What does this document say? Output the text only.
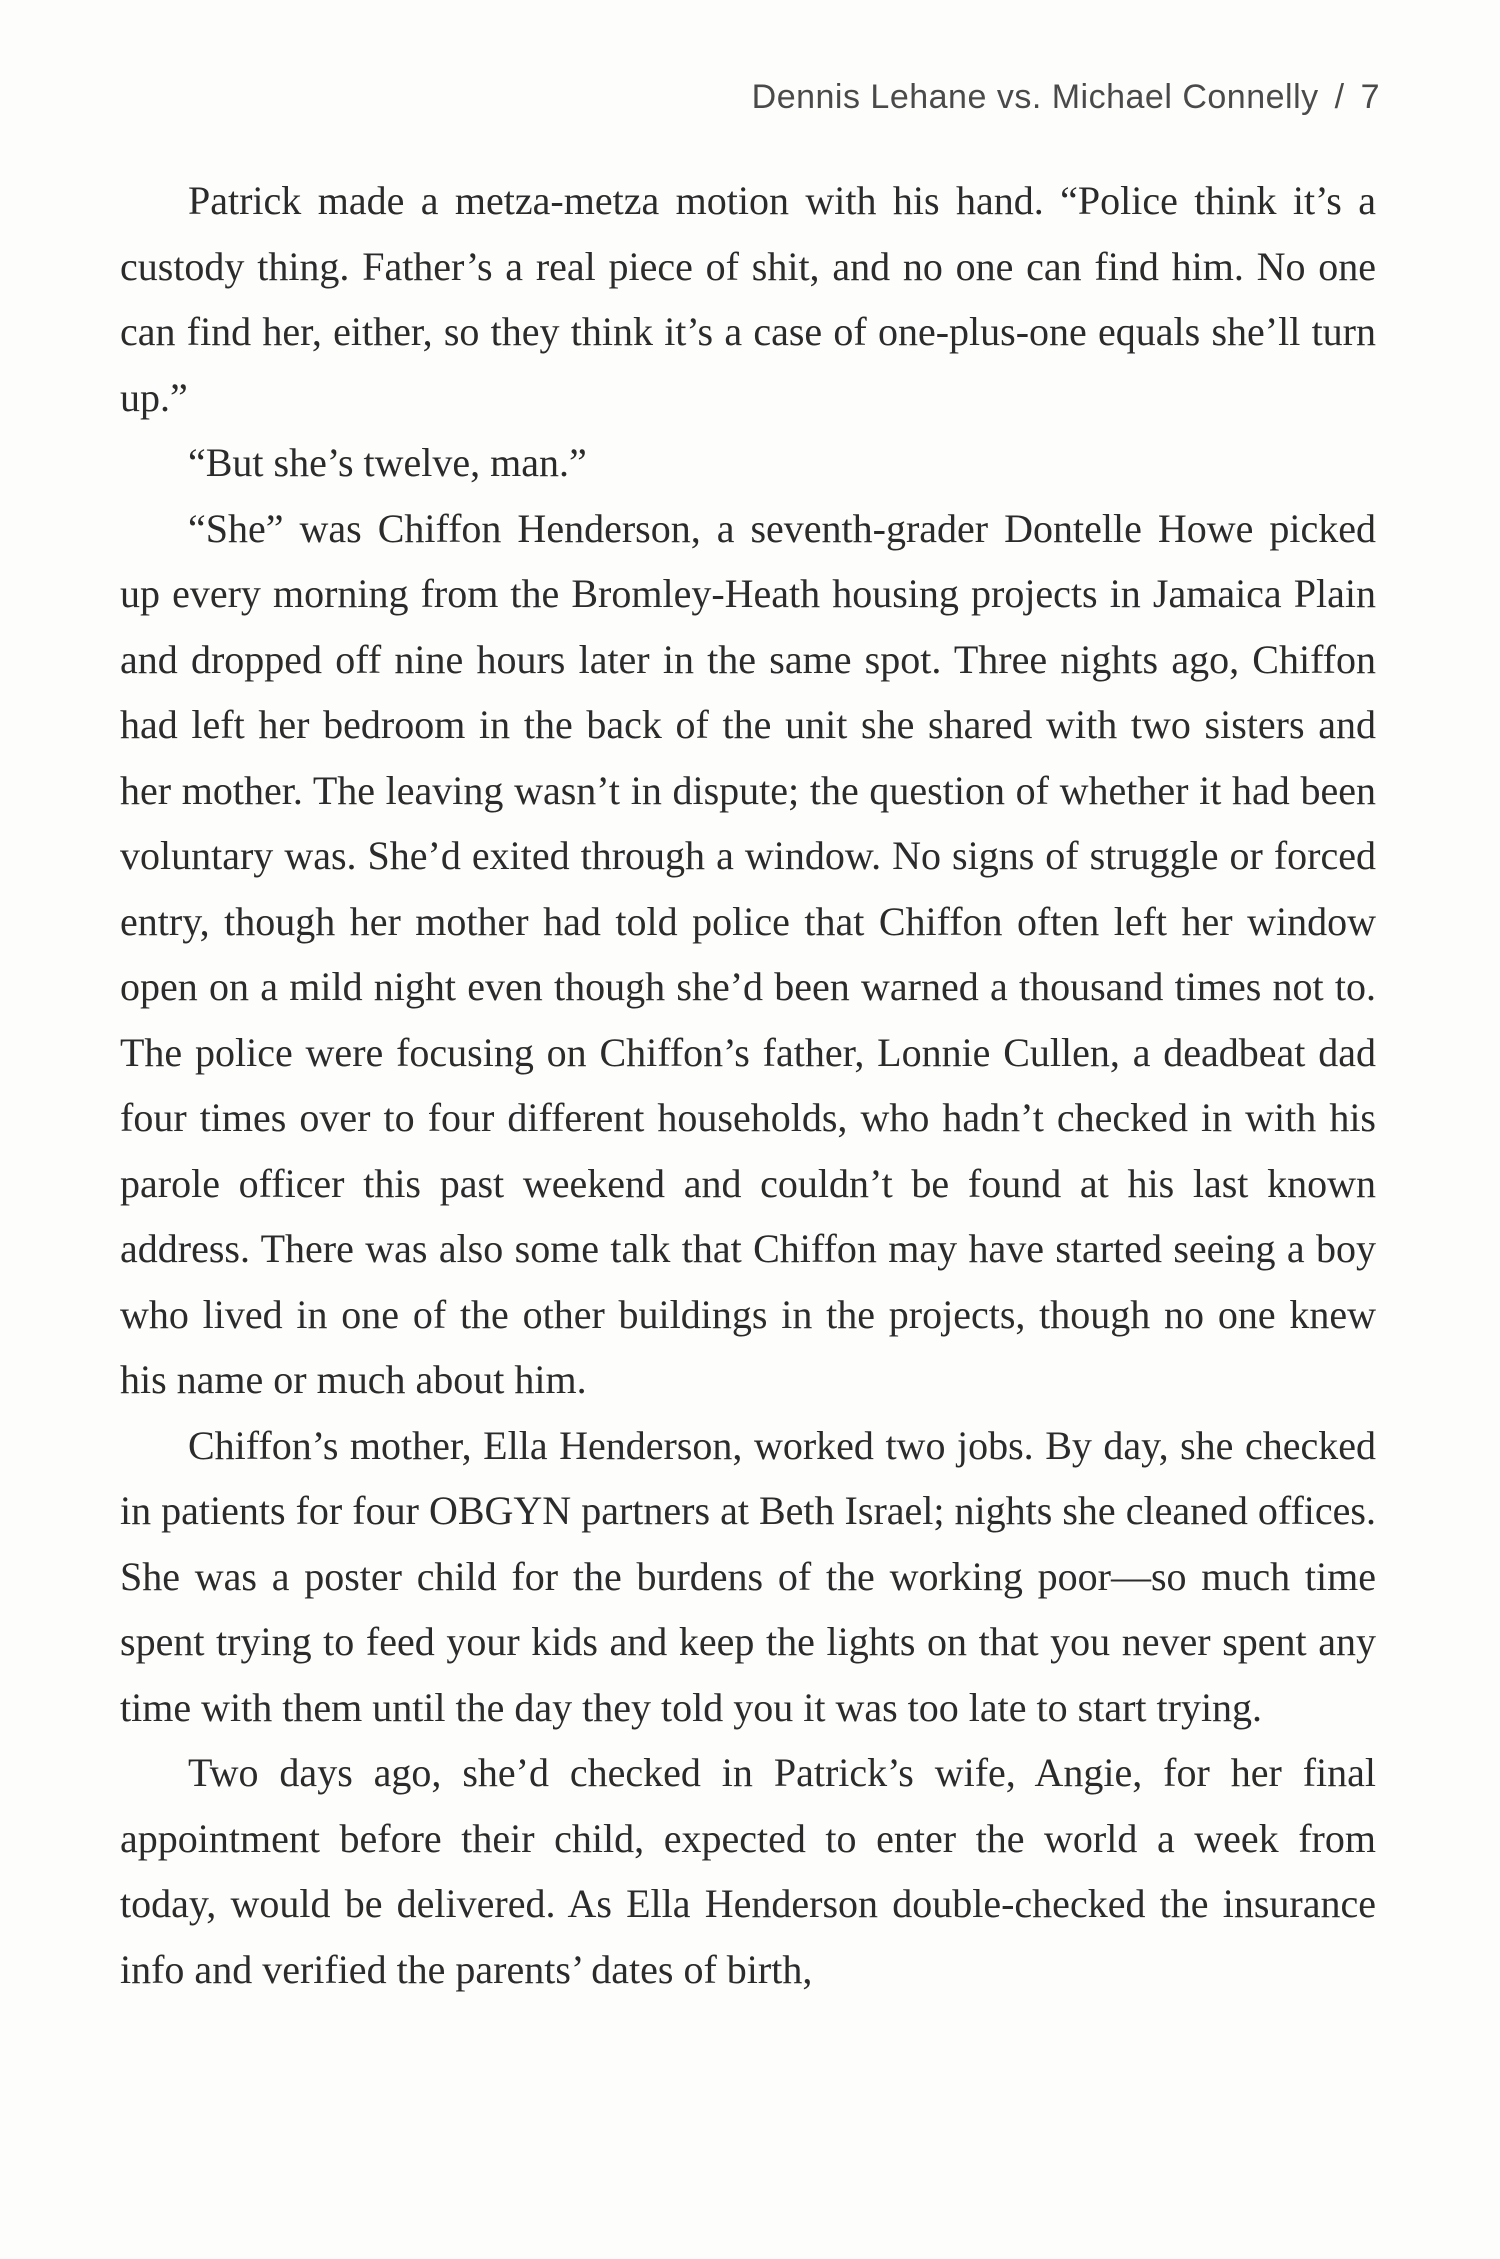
Dennis Lehane vs. Michael Connelly / 7

Patrick made a metza-metza motion with his hand. “Police think it’s a custody thing. Father’s a real piece of shit, and no one can find him. No one can find her, either, so they think it’s a case of one-plus-one equals she’ll turn up.”

“But she’s twelve, man.”

“She” was Chiffon Henderson, a seventh-grader Dontelle Howe picked up every morning from the Bromley-Heath housing projects in Jamaica Plain and dropped off nine hours later in the same spot. Three nights ago, Chiffon had left her bedroom in the back of the unit she shared with two sisters and her mother. The leaving wasn’t in dispute; the question of whether it had been voluntary was. She’d exited through a window. No signs of struggle or forced entry, though her mother had told police that Chiffon often left her window open on a mild night even though she’d been warned a thousand times not to. The police were focusing on Chiffon’s father, Lonnie Cullen, a deadbeat dad four times over to four different households, who hadn’t checked in with his parole officer this past weekend and couldn’t be found at his last known address. There was also some talk that Chiffon may have started seeing a boy who lived in one of the other buildings in the projects, though no one knew his name or much about him.

Chiffon’s mother, Ella Henderson, worked two jobs. By day, she checked in patients for four OBGYN partners at Beth Israel; nights she cleaned offices. She was a poster child for the burdens of the working poor—so much time spent trying to feed your kids and keep the lights on that you never spent any time with them until the day they told you it was too late to start trying.

Two days ago, she’d checked in Patrick’s wife, Angie, for her final appointment before their child, expected to enter the world a week from today, would be delivered. As Ella Henderson double-checked the insurance info and verified the parents’ dates of birth,
